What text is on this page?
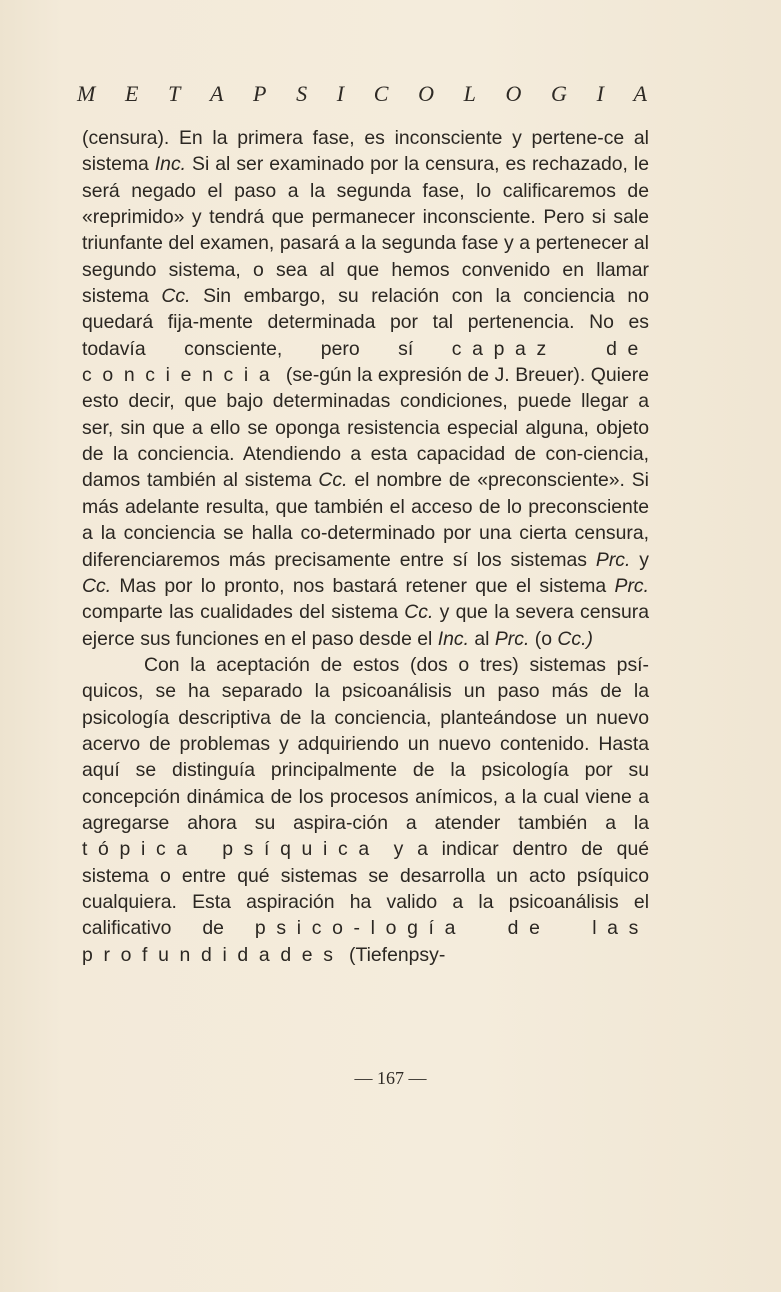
M E T A P S I C O L O G I A

(censura). En la primera fase, es inconsciente y pertene-ce al sistema Inc. Si al ser examinado por la censura, es rechazado, le será negado el paso a la segunda fase, lo calificaremos de «reprimido» y tendrá que permanecer inconsciente. Pero si sale triunfante del examen, pasará a la segunda fase y a pertenecer al segundo sistema, o sea al que hemos convenido en llamar sistema Cc. Sin embargo, su relación con la conciencia no quedará fija-mente determinada por tal pertenencia. No es todavía consciente, pero sí capaz de conciencia (se-gún la expresión de J. Breuer). Quiere esto decir, que bajo determinadas condiciones, puede llegar a ser, sin que a ello se oponga resistencia especial alguna, objeto de la conciencia. Atendiendo a esta capacidad de con-ciencia, damos también al sistema Cc. el nombre de «preconsciente». Si más adelante resulta, que también el acceso de lo preconsciente a la conciencia se halla co-determinado por una cierta censura, diferenciaremos más precisamente entre sí los sistemas Prc. y Cc. Mas por lo pronto, nos bastará retener que el sistema Prc. comparte las cualidades del sistema Cc. y que la severa censura ejerce sus funciones en el paso desde el Inc. al Prc. (o Cc.)

Con la aceptación de estos (dos o tres) sistemas psí-quicos, se ha separado la psicoanálisis un paso más de la psicología descriptiva de la conciencia, planteándose un nuevo acervo de problemas y adquiriendo un nuevo contenido. Hasta aquí se distinguía principalmente de la psicología por su concepción dinámica de los procesos anímicos, a la cual viene a agregarse ahora su aspira-ción a atender también a la tópica psíquica y a indicar dentro de qué sistema o entre qué sistemas se desarrolla un acto psíquico cualquiera. Esta aspiración ha valido a la psicoanálisis el calificativo de psico-logía de las profundidades (Tiefenpsy-

— 167 —
